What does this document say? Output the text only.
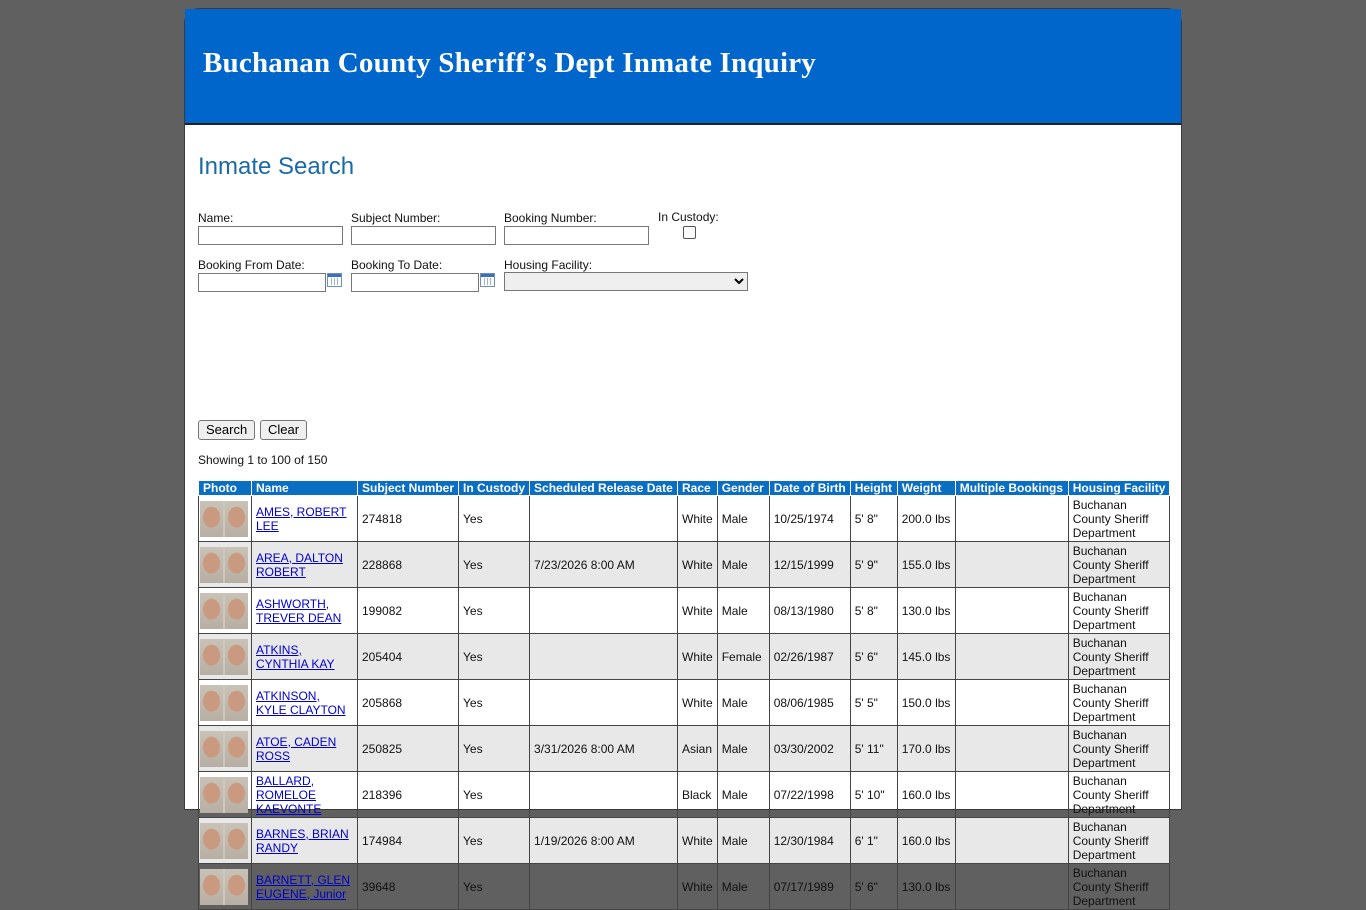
Buchanan County Sheriff’s Dept Inmate Inquiry
Inmate Search
Name:	Subject Number:	Booking Number:	In Custody:
Booking From Date:	Booking To Date:	Housing Facility:
Search	Clear
Showing 1 to 100 of 150
Photo	Name	Subject Number	In Custody	Scheduled Release Date	Race	Gender	Date of Birth	Height	Weight	Multiple Bookings	Housing Facility

	AMES, ROBERT LEE	274818	Yes		White	Male	10/25/1974	5' 8"	200.0 lbs		Buchanan County Sheriff Department

	AREA, DALTON ROBERT	228868	Yes	7/23/2026 8:00 AM	White	Male	12/15/1999	5' 9"	155.0 lbs		Buchanan County Sheriff Department

	ASHWORTH, TREVER DEAN	199082	Yes		White	Male	08/13/1980	5' 8"	130.0 lbs		Buchanan County Sheriff Department

	ATKINS, CYNTHIA KAY	205404	Yes		White	Female	02/26/1987	5' 6"	145.0 lbs		Buchanan County Sheriff Department

	ATKINSON, KYLE CLAYTON	205868	Yes		White	Male	08/06/1985	5' 5"	150.0 lbs		Buchanan County Sheriff Department

	ATOE, CADEN ROSS	250825	Yes	3/31/2026 8:00 AM	Asian	Male	03/30/2002	5' 11"	170.0 lbs		Buchanan County Sheriff Department

	BALLARD, ROMELOE KAEVONTE	218396	Yes		Black	Male	07/22/1998	5' 10"	160.0 lbs		Buchanan County Sheriff Department

	BARNES, BRIAN RANDY	174984	Yes	1/19/2026 8:00 AM	White	Male	12/30/1984	6' 1"	160.0 lbs		Buchanan County Sheriff Department

	BARNETT, GLEN EUGENE, Junior	39648	Yes		White	Male	07/17/1989	5' 6"	130.0 lbs		Buchanan County Sheriff Department
